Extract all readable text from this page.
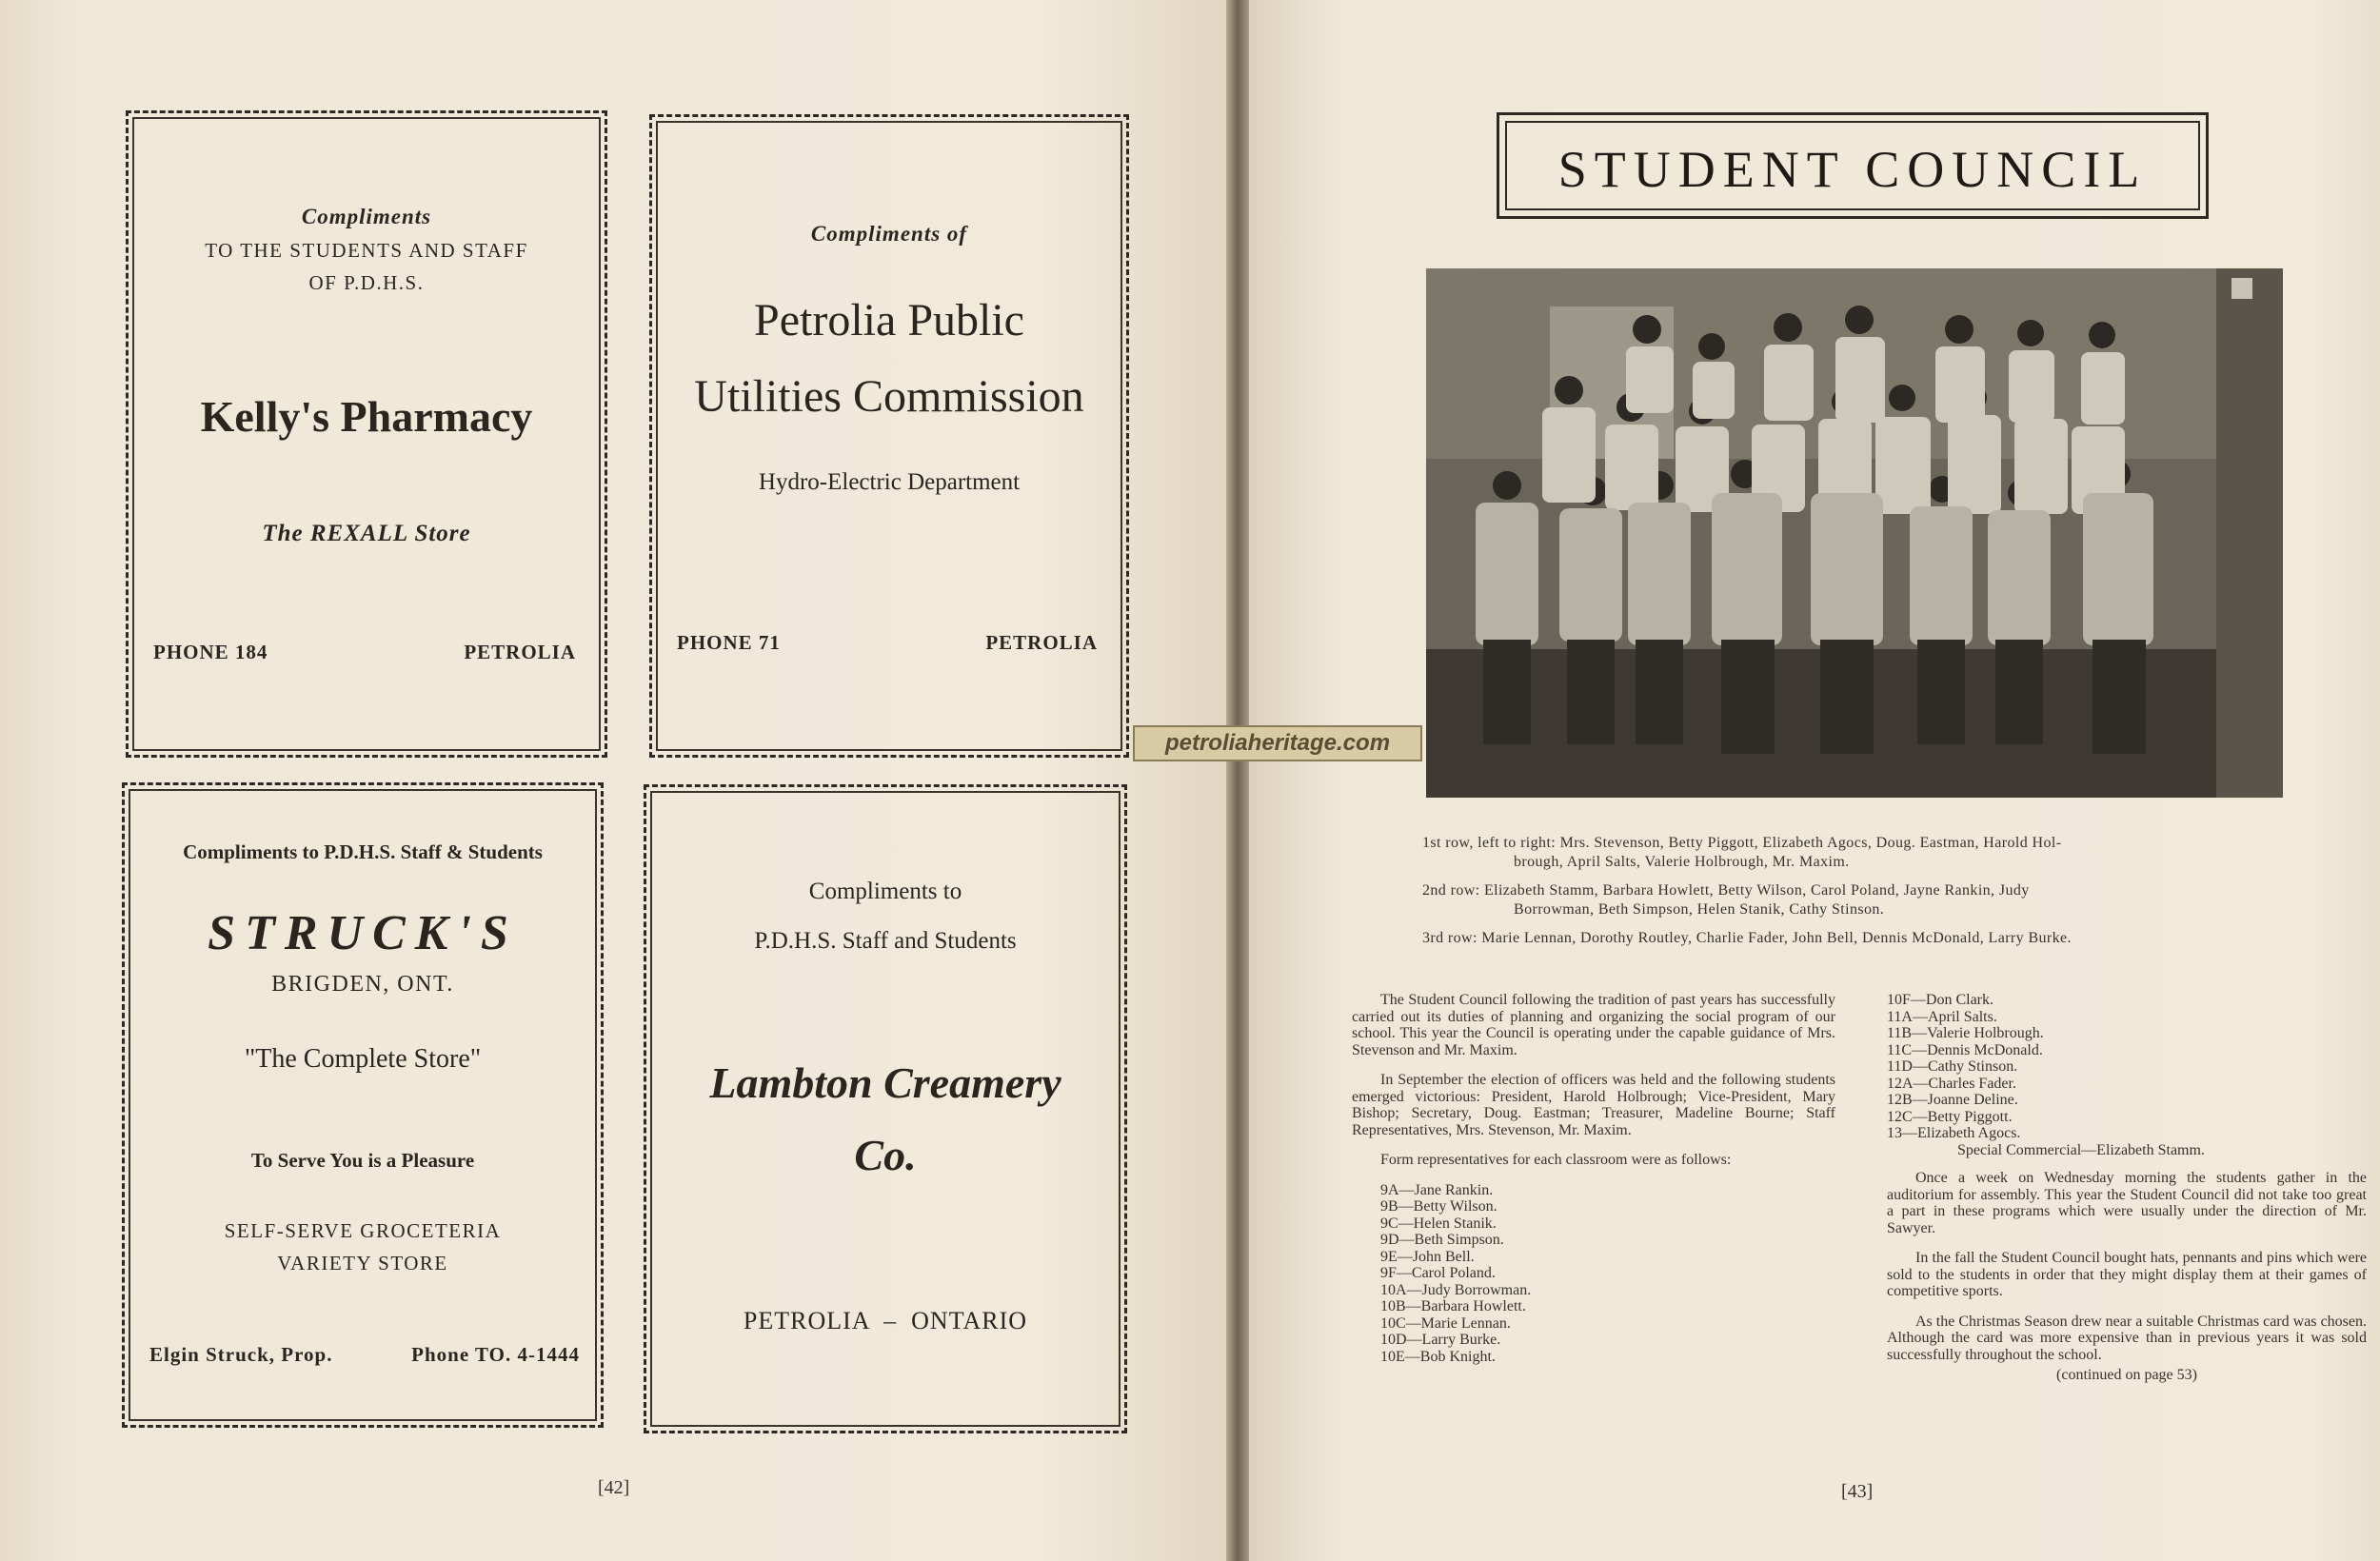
Compliments
TO THE STUDENTS AND STAFF
OF P.D.H.S.
Kelly's Pharmacy
The REXALL Store
PHONE 184	PETROLIA
Compliments of
Petrolia Public
Utilities Commission
Hydro-Electric Department
PHONE 71	PETROLIA
Compliments to P.D.H.S. Staff & Students
STRUCK'S
BRIGDEN, ONT.
"The Complete Store"
To Serve You is a Pleasure
SELF-SERVE GROCETERIA
VARIETY STORE
Elgin Struck, Prop.	Phone TO. 4-1444
Compliments to
P.D.H.S. Staff and Students
Lambton Creamery
Co.
PETROLIA  –  ONTARIO
[42]
petroliaheritage.com
STUDENT COUNCIL
1st row, left to right: Mrs. Stevenson, Betty Piggott, Elizabeth Agocs, Doug. Eastman, Harold Hol-
brough, April Salts, Valerie Holbrough, Mr. Maxim.
2nd row: Elizabeth Stamm, Barbara Howlett, Betty Wilson, Carol Poland, Jayne Rankin, Judy
Borrowman, Beth Simpson, Helen Stanik, Cathy Stinson.
3rd row: Marie Lennan, Dorothy Routley, Charlie Fader, John Bell, Dennis McDonald, Larry Burke.

The Student Council following the tradition of past years has successfully carried out its duties of planning and organizing the social program of our school. This year the Council is operating under the capable guidance of Mrs. Stevenson and Mr. Maxim.

In September the election of officers was held and the following students emerged victorious: President, Harold Holbrough; Vice-President, Mary Bishop; Secretary, Doug. Eastman; Treasurer, Madeline Bourne; Staff Representatives, Mrs. Stevenson, Mr. Maxim.

Form representatives for each classroom were as follows:

9A—Jane Rankin.
9B—Betty Wilson.
9C—Helen Stanik.
9D—Beth Simpson.
9E—John Bell.
9F—Carol Poland.
10A—Judy Borrowman.
10B—Barbara Howlett.
10C—Marie Lennan.
10D—Larry Burke.
10E—Bob Knight.
10F—Don Clark.
11A—April Salts.
11B—Valerie Holbrough.
11C—Dennis McDonald.
11D—Cathy Stinson.
12A—Charles Fader.
12B—Joanne Deline.
12C—Betty Piggott.
13—Elizabeth Agocs.
Special Commercial—Elizabeth Stamm.

Once a week on Wednesday morning the students gather in the auditorium for assembly. This year the Student Council did not take too great a part in these programs which were usually under the direction of Mr. Sawyer.

In the fall the Student Council bought hats, pennants and pins which were sold to the students in order that they might display them at their games of competitive sports.

As the Christmas Season drew near a suitable Christmas card was chosen. Although the card was more expensive than in previous years it was sold successfully throughout the school.

(continued on page 53)
[43]
